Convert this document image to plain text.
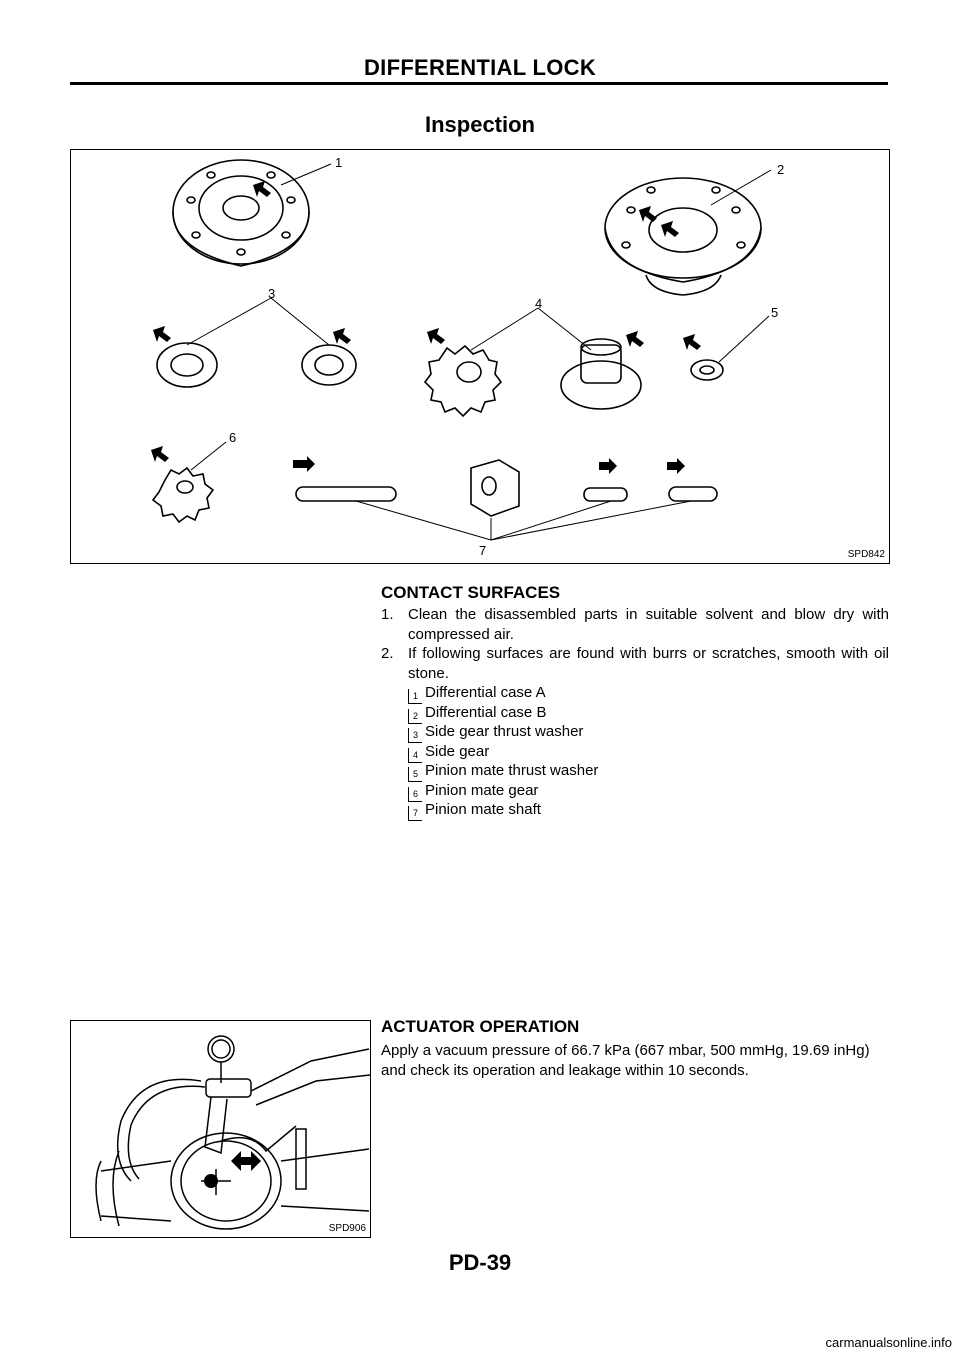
DIFFERENTIAL LOCK
Inspection
1	2
3
4
5
6
7	SPD842
CONTACT SURFACES
1. Clean the disassembled parts in suitable solvent and blow dry with compressed air.
2. If following surfaces are found with burrs or scratches, smooth with oil stone.
1 Differential case A
2 Differential case B
3 Side gear thrust washer
4 Side gear
5 Pinion mate thrust washer
6 Pinion mate gear
7 Pinion mate shaft
SPD906
ACTUATOR OPERATION
Apply a vacuum pressure of 66.7 kPa (667 mbar, 500 mmHg, 19.69 inHg) and check its operation and leakage within 10 seconds.
PD-39
carmanualsonline.info
